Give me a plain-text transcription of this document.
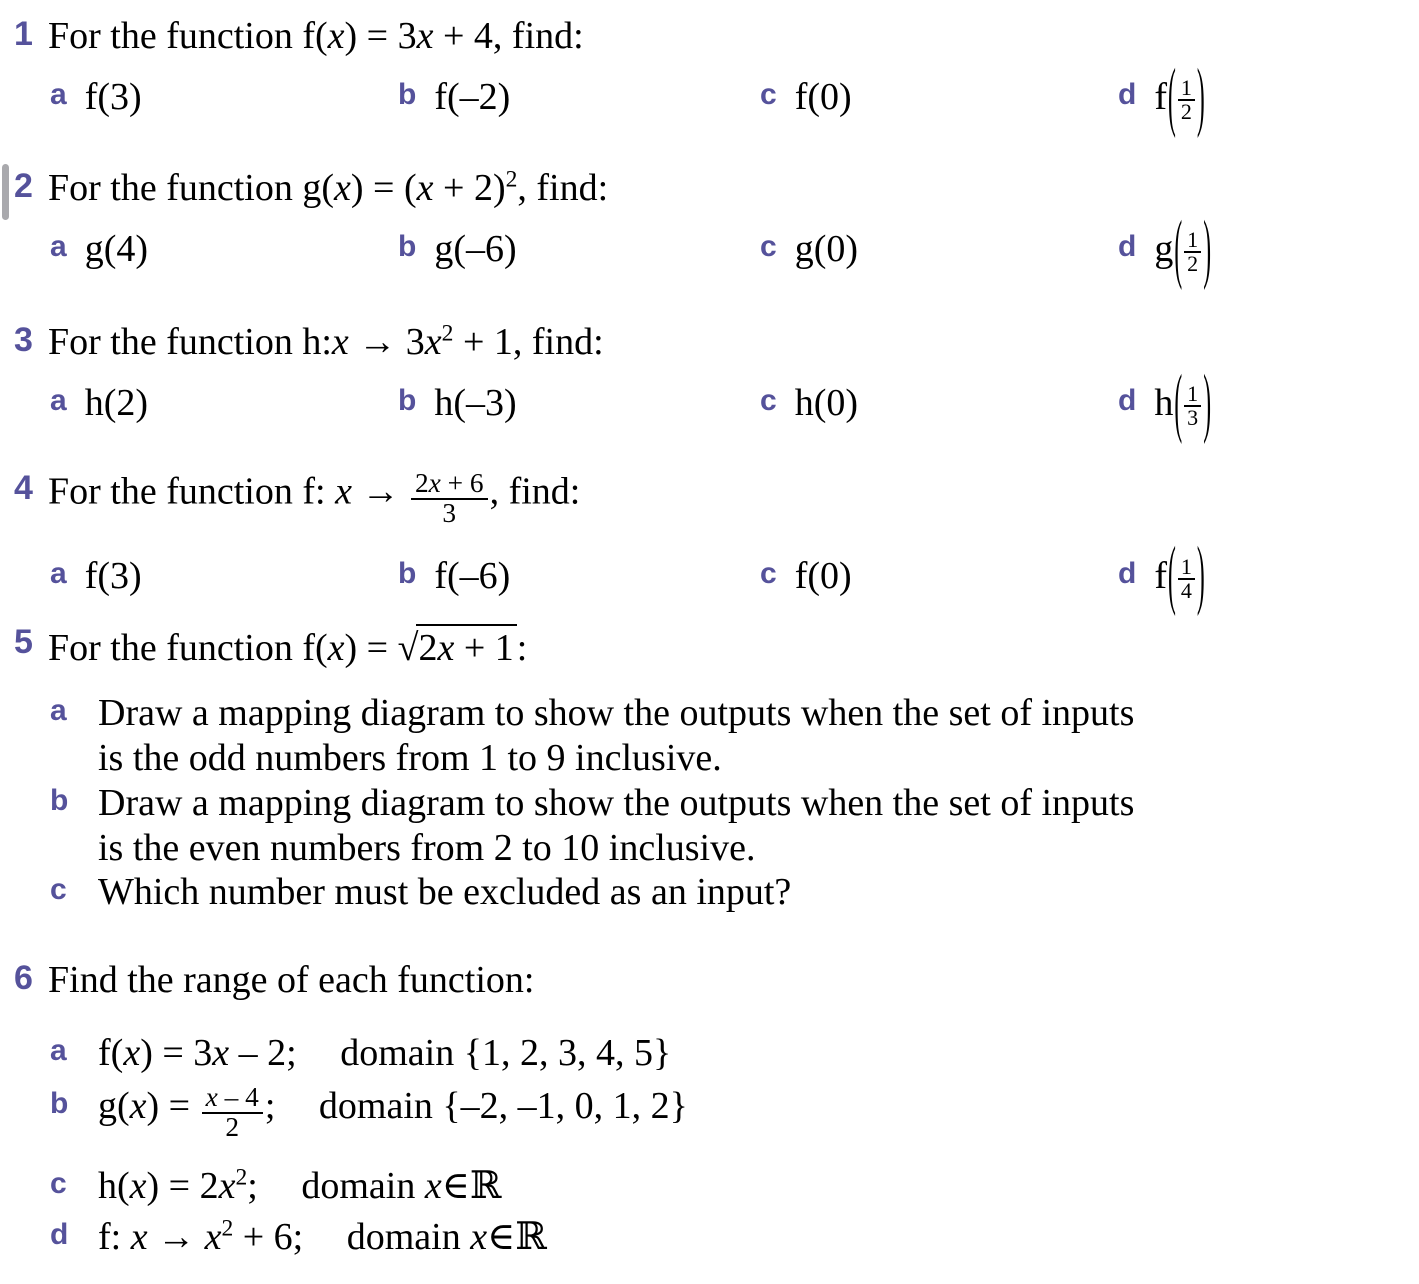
1 For the function f(x) = 3x + 4, find:
a f(3)	b f(–2)	c f(0)	d f ( $\frac{1}{2}$ )
2 For the function $g(x) = (x + 2)^2$, find:
a g(4)	b g(–6)	c g(0)	d g ( $\frac{1}{2}$ )
3 For the function h:x → $3x^2 + 1$, find:
a h(2)	b h(–3)	c h(0)	d h ( $\frac{1}{3}$ )
4 For the function f: $x \to \frac{2x + 6}{3}$ , find:
a f(3)	b f(–6)	c f(0)	d f ( $\frac{1}{4}$ )
5 For the function f(x) = √2x + 1:
a Draw a mapping diagram to show the outputs when the set of inputs
is the odd numbers from 1 to 9 inclusive.
b Draw a mapping diagram to show the outputs when the set of inputs
is the even numbers from 2 to 10 inclusive.
c Which number must be excluded as an input?
6 Find the range of each function:
a f(x) = 3x – 2; domain {1, 2, 3, 4, 5}
b $g(x) = \frac{x - 4}{2}$ ; domain {–2, –1, 0, 1, 2}
c $h(x) = 2x^2$; domain x∈ℝ
d f: $x \to x^2 + 6$; domain x∈ℝ
